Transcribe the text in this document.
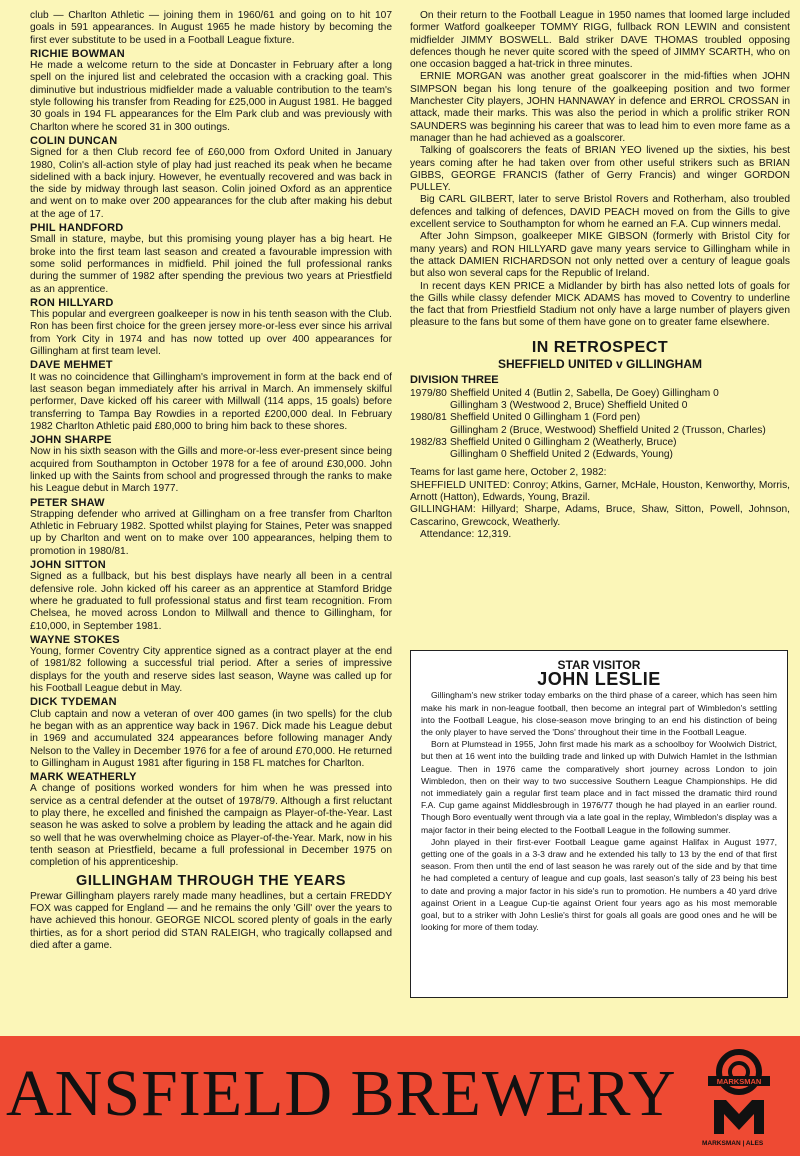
club — Charlton Athletic — joining them in 1960/61 and going on to hit 107 goals in 591 appearances. In August 1965 he made history by becoming the first ever substitute to be used in a Football League fixture.

RICHIE BOWMAN

He made a welcome return to the side at Doncaster in February after a long spell on the injured list and celebrated the occasion with a cracking goal. This diminutive but industrious midfielder made a valuable contribution to the team's style following his transfer from Reading for £25,000 in August 1981. He bagged 30 goals in 194 FL appearances for the Elm Park club and was previously with Charlton where he scored 31 in 300 outings.

COLIN DUNCAN

Signed for a then Club record fee of £60,000 from Oxford United in January 1980, Colin's all-action style of play had just reached its peak when he became sidelined with a back injury. However, he eventually recovered and was back in the side by midway through last season. Colin joined Oxford as an apprentice and went on to make over 200 appearances for the club after making his debut at the age of 17.

PHIL HANDFORD

Small in stature, maybe, but this promising young player has a big heart. He broke into the first team last season and created a favourable impression with some solid performances in midfield. Phil joined the full professional ranks during the summer of 1982 after spending the previous two years at Priestfield as an apprentice.

RON HILLYARD

This popular and evergreen goalkeeper is now in his tenth season with the Club. Ron has been first choice for the green jersey more-or-less ever since his arrival from York City in 1974 and has now totted up over 400 appearances for Gillingham at first team level.

DAVE MEHMET

It was no coincidence that Gillingham's improvement in form at the back end of last season began immediately after his arrival in March. An immensely skilful performer, Dave kicked off his career with Millwall (114 apps, 15 goals) before transferring to Tampa Bay Rowdies in a reported £200,000 deal. In February 1982 Charlton Athletic paid £80,000 to bring him back to these shores.

JOHN SHARPE

Now in his sixth season with the Gills and more-or-less ever-present since being acquired from Southampton in October 1978 for a fee of around £30,000. John linked up with the Saints from school and progressed through the ranks to make his League debut in March 1977.

PETER SHAW

Strapping defender who arrived at Gillingham on a free transfer from Charlton Athletic in February 1982. Spotted whilst playing for Staines, Peter was snapped up by Charlton and went on to make over 100 appearances, helping them to promotion in 1980/81.

JOHN SITTON

Signed as a fullback, but his best displays have nearly all been in a central defensive role. John kicked off his career as an apprentice at Stamford Bridge where he graduated to full professional status and first team recognition. From Chelsea, he moved across London to Millwall and thence to Gillingham, for £10,000, in September 1981.

WAYNE STOKES

Young, former Coventry City apprentice signed as a contract player at the end of 1981/82 following a successful trial period. After a series of impressive displays for the youth and reserve sides last season, Wayne was called up for his Football League debut in May.

DICK TYDEMAN

Club captain and now a veteran of over 400 games (in two spells) for the club he began with as an apprentice way back in 1967. Dick made his League debut in 1969 and accumulated 324 appearances before following manager Andy Nelson to the Valley in December 1976 for a fee of around £70,000. He returned to Gillingham in August 1981 after figuring in 158 FL matches for Charlton.

MARK WEATHERLY

A change of positions worked wonders for him when he was pressed into service as a central defender at the outset of 1978/79. Although a first reluctant to play there, he excelled and finished the campaign as Player-of-the-Year. Last season he was asked to solve a problem by leading the attack and he again did so well that he was overwhelming choice as Player-of-the-Year. Mark, now in his tenth season at Priestfield, became a full professional in December 1975 on completion of his apprenticeship.

GILLINGHAM THROUGH THE YEARS

Prewar Gillingham players rarely made many headlines, but a certain FREDDY FOX was capped for England — and he remains the only 'Gill' over the years to have achieved this honour. GEORGE NICOL scored plenty of goals in the early thirties, as for a short period did STAN RALEIGH, who tragically collapsed and died after a game.

On their return to the Football League in 1950 names that loomed large included former Watford goalkeeper TOMMY RIGG, fullback RON LEWIN and consistent midfielder JIMMY BOSWELL. Bald striker DAVE THOMAS troubled opposing defences though he never quite scored with the speed of JIMMY SCARTH, who on one occasion bagged a hat-trick in three minutes.

ERNIE MORGAN was another great goalscorer in the mid-fifties when JOHN SIMPSON began his long tenure of the goalkeeping position and two former Manchester City players, JOHN HANNAWAY in defence and ERROL CROSSAN in attack, made their marks. This was also the period in which a prolific striker RON SAUNDERS was beginning his career that was to lead him to even more fame as a manager than he had achieved as a goalscorer.

Talking of goalscorers the feats of BRIAN YEO livened up the sixties, his best years coming after he had taken over from other useful strikers such as BRIAN GIBBS, GEORGE FRANCIS (father of Gerry Francis) and winger GORDON PULLEY.

Big CARL GILBERT, later to serve Bristol Rovers and Rotherham, also troubled defences and talking of defences, DAVID PEACH moved on from the Gills to give excellent service to Southampton for whom he earned an F.A. Cup winners medal.

After John Simpson, goalkeeper MIKE GIBSON (formerly with Bristol City for many years) and RON HILLYARD gave many years service to Gillingham while in the attack DAMIEN RICHARDSON not only netted over a century of league goals but also won several caps for the Republic of Ireland.

In recent days KEN PRICE a Midlander by birth has also netted lots of goals for the Gills while classy defender MICK ADAMS has moved to Coventry to underline the fact that from Priestfield Stadium not only have a large number of players given pleasure to the fans but some of them have gone on to greater fame elsewhere.

IN RETROSPECT
SHEFFIELD UNITED v GILLINGHAM
DIVISION THREE
1979/80 Sheffield United 4 (Butlin 2, Sabella, De Goey) Gillingham 0
Gillingham 3 (Westwood 2, Bruce) Sheffield United 0
1980/81 Sheffield United 0 Gillingham 1 (Ford pen)
Gillingham 2 (Bruce, Westwood) Sheffield United 2 (Trusson, Charles)
1982/83 Sheffield United 0 Gillingham 2 (Weatherly, Bruce)
Gillingham 0 Sheffield United 2 (Edwards, Young)

Teams for last game here, October 2, 1982:

SHEFFIELD UNITED: Conroy; Atkins, Garner, McHale, Houston, Kenworthy, Morris, Arnott (Hatton), Edwards, Young, Brazil.

GILLINGHAM: Hillyard; Sharpe, Adams, Bruce, Shaw, Sitton, Powell, Johnson, Cascarino, Grewcock, Weatherly.

Attendance: 12,319.

STAR VISITOR
JOHN LESLIE

Gillingham's new striker today embarks on the third phase of a career, which has seen him make his mark in non-league football, then become an integral part of Wimbledon's settling into the Football League, his close-season move bringing to an end his distinction of being the only player to have served the 'Dons' throughout their time in the Football League.

Born at Plumstead in 1955, John first made his mark as a schoolboy for Woolwich District, but then at 16 went into the building trade and linked up with Dulwich Hamlet in the Isthmian League. Then in 1976 came the comparatively short journey across London to join Wimbledon, then on their way to two successive Southern League Championships. He did not immediately gain a regular first team place and in fact missed the dramatic third round F.A. Cup game against Middlesbrough in 1976/77 though he had played in an earlier round. Though Boro eventually went through via a late goal in the replay, Wimbledon's display was a major factor in their being elected to the Football League in the following summer.

John played in their first-ever Football League game against Halifax in August 1977, getting one of the goals in a 3-3 draw and he extended his tally to 13 by the end of that first season. From then until the end of last season he was rarely out of the side and by that time he had completed a century of league and cup goals, last season's tally of 23 being his best to date and proving a major factor in his side's run to promotion. He numbers a 40 yard drive against Orient in a League Cup-tie against Orient four years ago as his most memorable goal, but to a striker with John Leslie's thirst for goals all goals are good ones and he will be looking for more of them today.

ANSFIELD BREWERY	MARKSMAN
MARKSMAN | ALES
